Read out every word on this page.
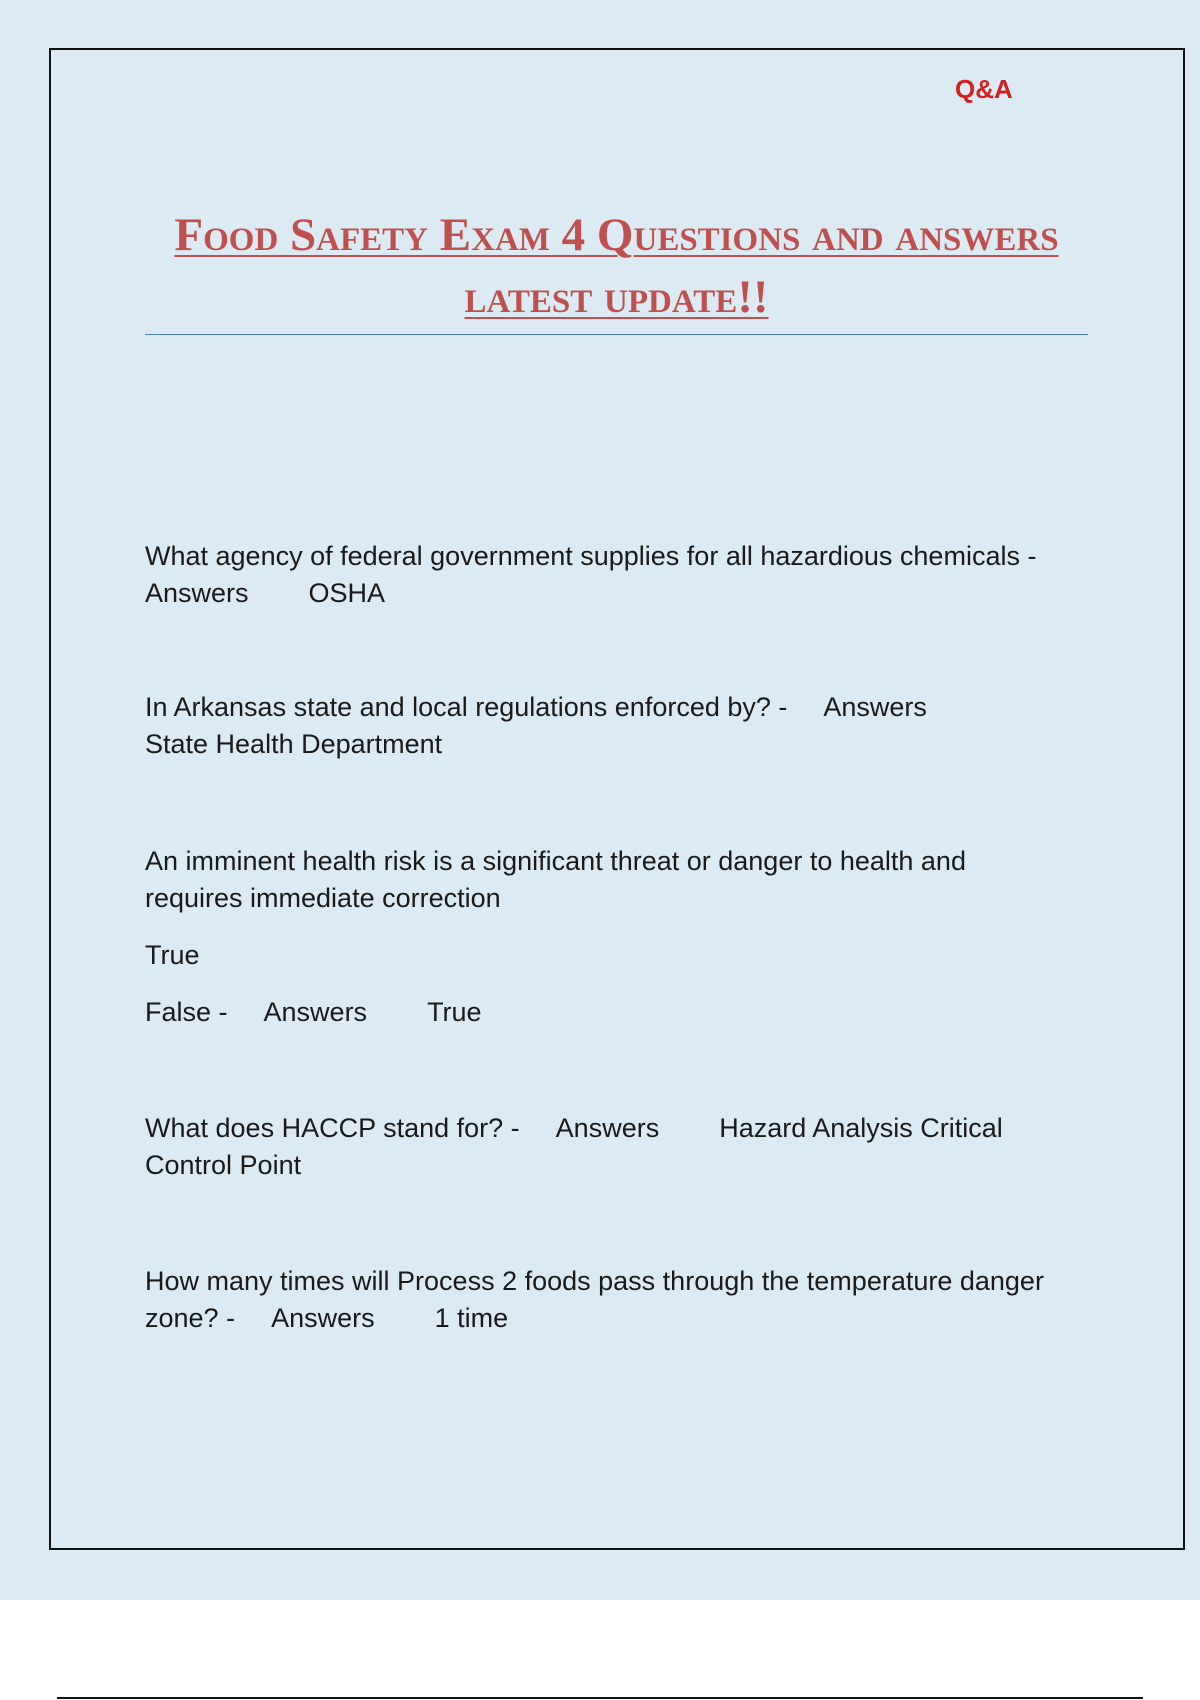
Q&A
Food Safety Exam 4 Questions and answers latest update!!

What agency of federal government supplies for all hazardious chemicals -
Answers OSHA

In Arkansas state and local regulations enforced by? - Answers
State Health Department

An imminent health risk is a significant threat or danger to health and requires immediate correction

True

False - Answers True

What does HACCP stand for? - Answers Hazard Analysis Critical Control Point

How many times will Process 2 foods pass through the temperature danger zone? - Answers 1 time
